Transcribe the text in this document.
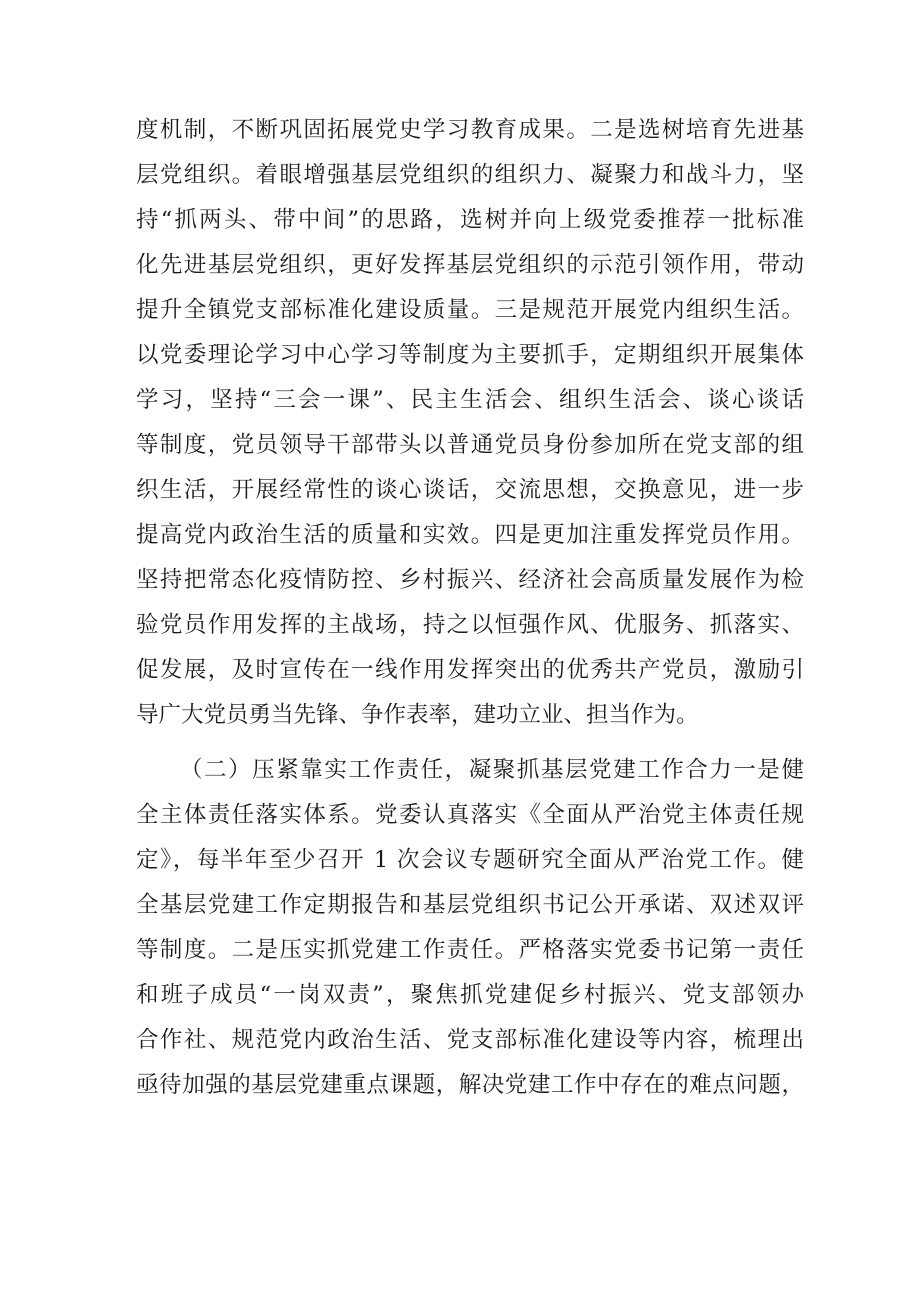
度机制，不断巩固拓展党史学习教育成果。二是选树培育先进基
层党组织。着眼增强基层党组织的组织力、凝聚力和战斗力，坚
持“抓两头、带中间”的思路，选树并向上级党委推荐一批标准
化先进基层党组织，更好发挥基层党组织的示范引领作用，带动
提升全镇党支部标准化建设质量。三是规范开展党内组织生活。
以党委理论学习中心学习等制度为主要抓手，定期组织开展集体
学习，坚持“三会一课”、民主生活会、组织生活会、谈心谈话
等制度，党员领导干部带头以普通党员身份参加所在党支部的组
织生活，开展经常性的谈心谈话，交流思想，交换意见，进一步
提高党内政治生活的质量和实效。四是更加注重发挥党员作用。
坚持把常态化疫情防控、乡村振兴、经济社会高质量发展作为检
验党员作用发挥的主战场，持之以恒强作风、优服务、抓落实、
促发展，及时宣传在一线作用发挥突出的优秀共产党员，激励引
导广大党员勇当先锋、争作表率，建功立业、担当作为。
（二）压紧靠实工作责任，凝聚抓基层党建工作合力一是健
全主体责任落实体系。党委认真落实《全面从严治党主体责任规
定》，每半年至少召开 1 次会议专题研究全面从严治党工作。健
全基层党建工作定期报告和基层党组织书记公开承诺、双述双评
等制度。二是压实抓党建工作责任。严格落实党委书记第一责任
和班子成员“一岗双责”，聚焦抓党建促乡村振兴、党支部领办
合作社、规范党内政治生活、党支部标准化建设等内容，梳理出
亟待加强的基层党建重点课题，解决党建工作中存在的难点问题，
